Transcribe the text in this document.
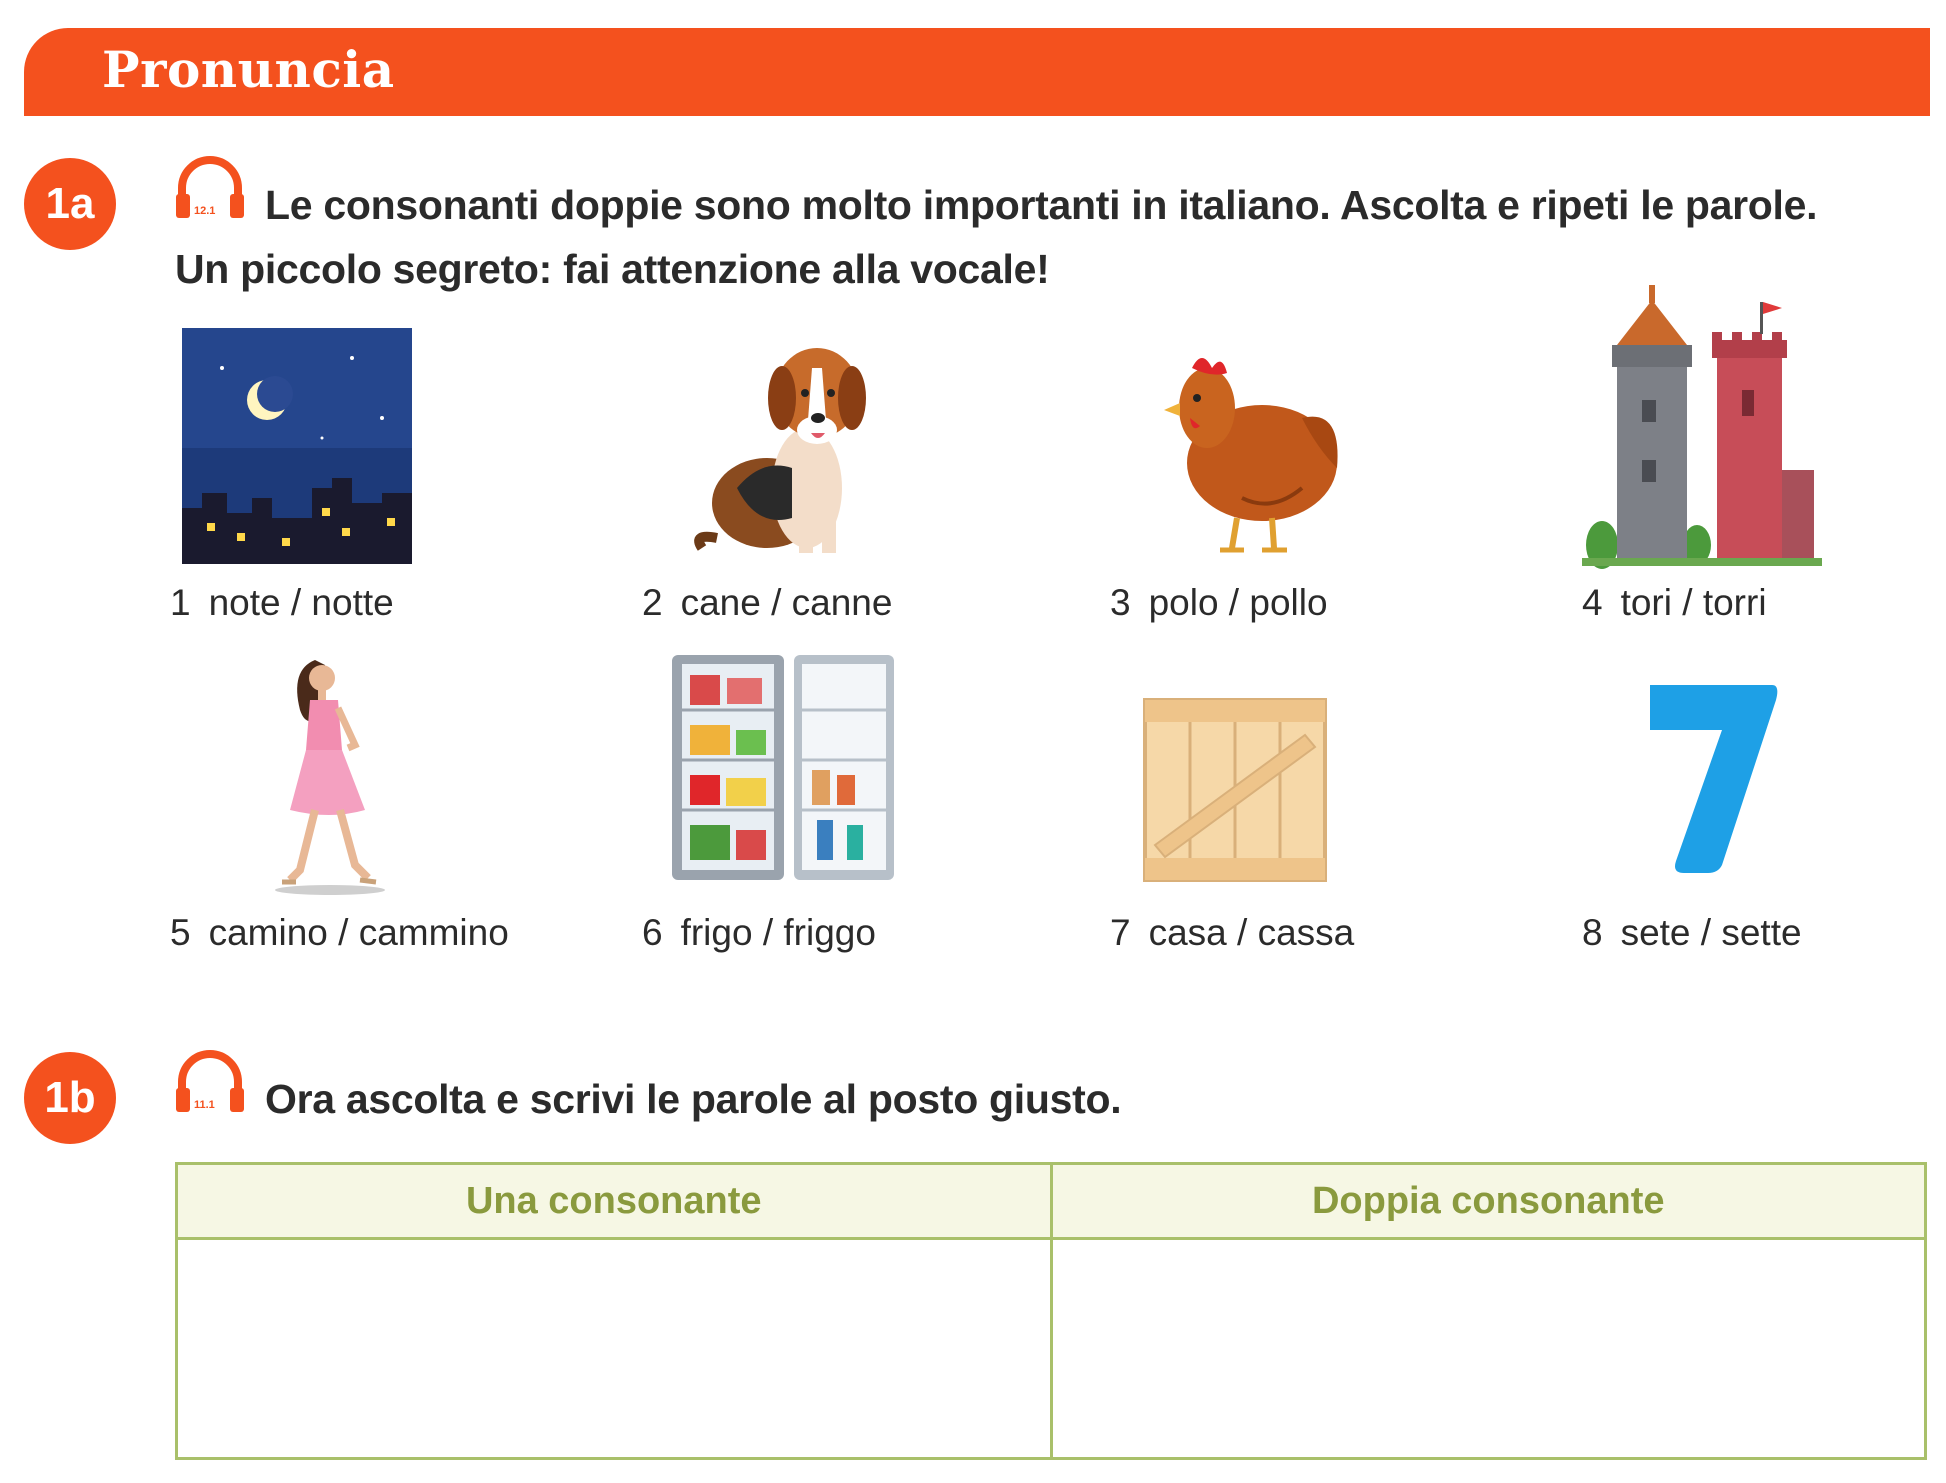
Pronuncia
1a	12.1 Le consonanti doppie sono molto importanti in italiano. Ascolta e ripeti le parole.
Un piccolo segreto: fai attenzione alla vocale!
1 note / notte	2 cane / canne	3 polo / pollo	4 tori / torri
5 camino / cammino	6 frigo / friggo	7 casa / cassa	8 sete / sette
1b	11.1 Ora ascolta e scrivi le parole al posto giusto.
Una consonante	Doppia consonante
